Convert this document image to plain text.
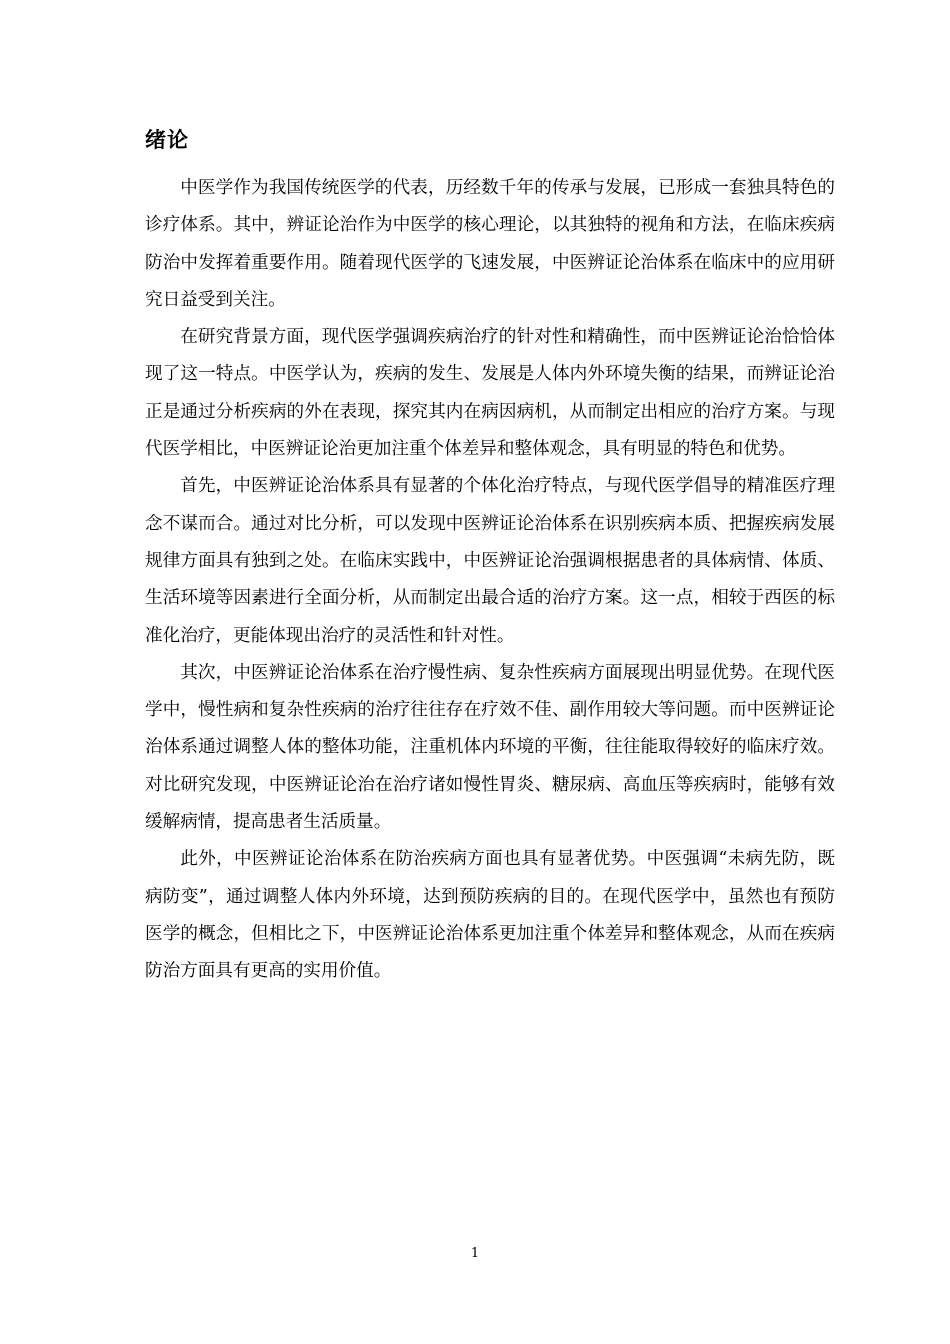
绪论

中医学作为我国传统医学的代表，历经数千年的传承与发展，已形成一套独具特色的诊疗体系。其中，辨证论治作为中医学的核心理论，以其独特的视角和方法，在临床疾病防治中发挥着重要作用。随着现代医学的飞速发展，中医辨证论治体系在临床中的应用研究日益受到关注。

在研究背景方面，现代医学强调疾病治疗的针对性和精确性，而中医辨证论治恰恰体现了这一特点。中医学认为，疾病的发生、发展是人体内外环境失衡的结果，而辨证论治正是通过分析疾病的外在表现，探究其内在病因病机，从而制定出相应的治疗方案。与现代医学相比，中医辨证论治更加注重个体差异和整体观念，具有明显的特色和优势。

首先，中医辨证论治体系具有显著的个体化治疗特点，与现代医学倡导的精准医疗理念不谋而合。通过对比分析，可以发现中医辨证论治体系在识别疾病本质、把握疾病发展规律方面具有独到之处。在临床实践中，中医辨证论治强调根据患者的具体病情、体质、生活环境等因素进行全面分析，从而制定出最合适的治疗方案。这一点，相较于西医的标准化治疗，更能体现出治疗的灵活性和针对性。

其次，中医辨证论治体系在治疗慢性病、复杂性疾病方面展现出明显优势。在现代医学中，慢性病和复杂性疾病的治疗往往存在疗效不佳、副作用较大等问题。而中医辨证论治体系通过调整人体的整体功能，注重机体内环境的平衡，往往能取得较好的临床疗效。对比研究发现，中医辨证论治在治疗诸如慢性胃炎、糖尿病、高血压等疾病时，能够有效缓解病情，提高患者生活质量。

此外，中医辨证论治体系在防治疾病方面也具有显著优势。中医强调“未病先防，既病防变”，通过调整人体内外环境，达到预防疾病的目的。在现代医学中，虽然也有预防医学的概念，但相比之下，中医辨证论治体系更加注重个体差异和整体观念，从而在疾病防治方面具有更高的实用价值。

1
